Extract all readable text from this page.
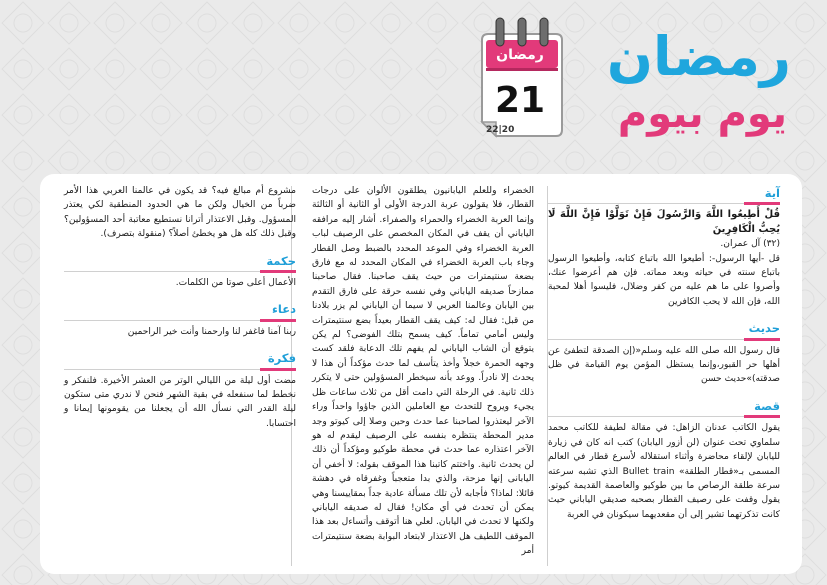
رمضان
يوم بيوم
رمضان
21
22|20
آية

قُلْ أَطِيعُوا اللَّهَ وَالرَّسُولَ فَإِنْ تَوَلَّوْا فَإِنَّ اللَّهَ لَا يُحِبُّ الْكَافِرِينَ

(٣٢) آل عمران.

قل -أيها الرسول-: أطيعوا الله باتباع كتابه، وأطيعوا الرسول باتباع سنته في حياته وبعد مماته. فإن هم أعرضوا عنك، وأصروا على ما هم عليه من كفر وضلال، فليسوا أهلا لمحبة الله، فإن الله لا يحب الكافرين

حديث

قال رسول الله صلى الله عليه وسلم«(إن الصدقة لتطفئ عن أهلها حر القبور،وإنما يستظل المؤمن يوم القيامة في ظل صدقته)»حديث حسن

قصة

يقول الكاتب عدنان الزاهل: في مقالة لطيفة للكاتب محمد سلماوي تحت عنوان (لن أزور اليابان) كتب انه كان في زيارة لليابان لإلقاء محاضرة وأثناء استقلاله لأسرع قطار في العالم المسمى بـ«قطار الطلقة» Bullet train الذي تشبه سرعته سرعة طلقة الرصاص ما بين طوكيو والعاصمة القديمة كيوتو. يقول وقفت على رصيف القطار بصحبه صديقي الياباني حيث كانت تذكرتهما تشير إلى أن مقعديهما سيكونان في العربة

الخضراء وللعلم اليابانيون يطلقون الألوان على درجات القطار، فلا يقولون عربة الدرجة الأولى أو الثانية أو الثالثة وإنما العربة الخضراء والحمراء والصفراء. أشار إليه مرافقه الياباني أن يقف في المكان المخصص على الرصيف لباب العربة الخضراء وفي الموعد المحدد بالضبط وصل القطار وجاء باب العربة الخضراء في المكان المحدد له مع فارق بضعة سنتيمترات من حيث يقف صاحبنا. فقال صاحبنا ممازحاً صديقه الياباني وفي نفسه حرقة على فارق التقدم بين اليابان وعالمنا العربي لا سيما أن الياباني لم يزر بلادنا من قبل: فقال له: كيف يقف القطار بعيداً بضع سنتيمترات وليس أمامي تماماً. كيف يسمح بتلك الفوضى؟ لم يكن يتوقع أن الشاب الياباني لم يفهم تلك الدعابة فلقد كست وجهه الحمرة خجلاً وأخذ يتأسف لما حدث مؤكداً أن هذا لا يحدث إلا نادراً. ووعد بأنه سيخطر المسؤولين حتى لا يتكرر ذلك ثانية. في الرحلة التي دامت أقل من ثلاث ساعات ظل يجيء ويروح للتحدث مع العاملين الذين جاؤوا واحداً وراء الآخر ليعتذروا لصاحبنا عما حدث وحين وصلا إلى كيوتو وجد مدير المحطة ينتظره بنفسه على الرصيف ليقدم له هو الآخر اعتذاره عما حدث في محطة طوكيو ومؤكداً أن ذلك لن يحدث ثانية. واختتم كاتبنا هذا الموقف بقوله: لا أخفي أن اليابانى إنها مزحة، والذي بدا متعجباً وغفرقاه في دهشة قائلا: لماذا؟ فأجابه لأن تلك مسألة عادية جداً بمقاييسنا وهي يمكن أن تحدث في أي مكان! فقال له صديقه الياباني ولكنها لا تحدث في اليابان. لعلي هنا أتوقف وأتساءل بعد هذا الموقف اللطيف هل الاعتذار لابتعاد البوابة بضعة سنتيمترات أمر

مشروع أم مبالغ فيه؟ قد يكون في عالمنا العربي هذا الأمر ضرباً من الخيال ولكن ما هي الحدود المنطقية لكي يعتذر المسؤول. وقبل الاعتذار أترانا نستطيع معاتبة أحد المسؤولين؟ وقبل ذلك كله هل هو يخطئ أصلاً؟ (منقولة بتصرف).

حكمة

الأعمال أعلى صوتا من الكلمات.

دعاء

ربنا آمنا فاغفر لنا وارحمنا وأنت خير الراحمين

فكرة

مضت أول ليلة من الليالي الوتر من العشر الأخيرة. فلنفكر و نخطط لما سنفعله في بقية الشهر فنحن لا ندري متى ستكون ليلة القدر التي نسأل الله أن يجعلنا من يقومونها إيمانا و احتسابا.
